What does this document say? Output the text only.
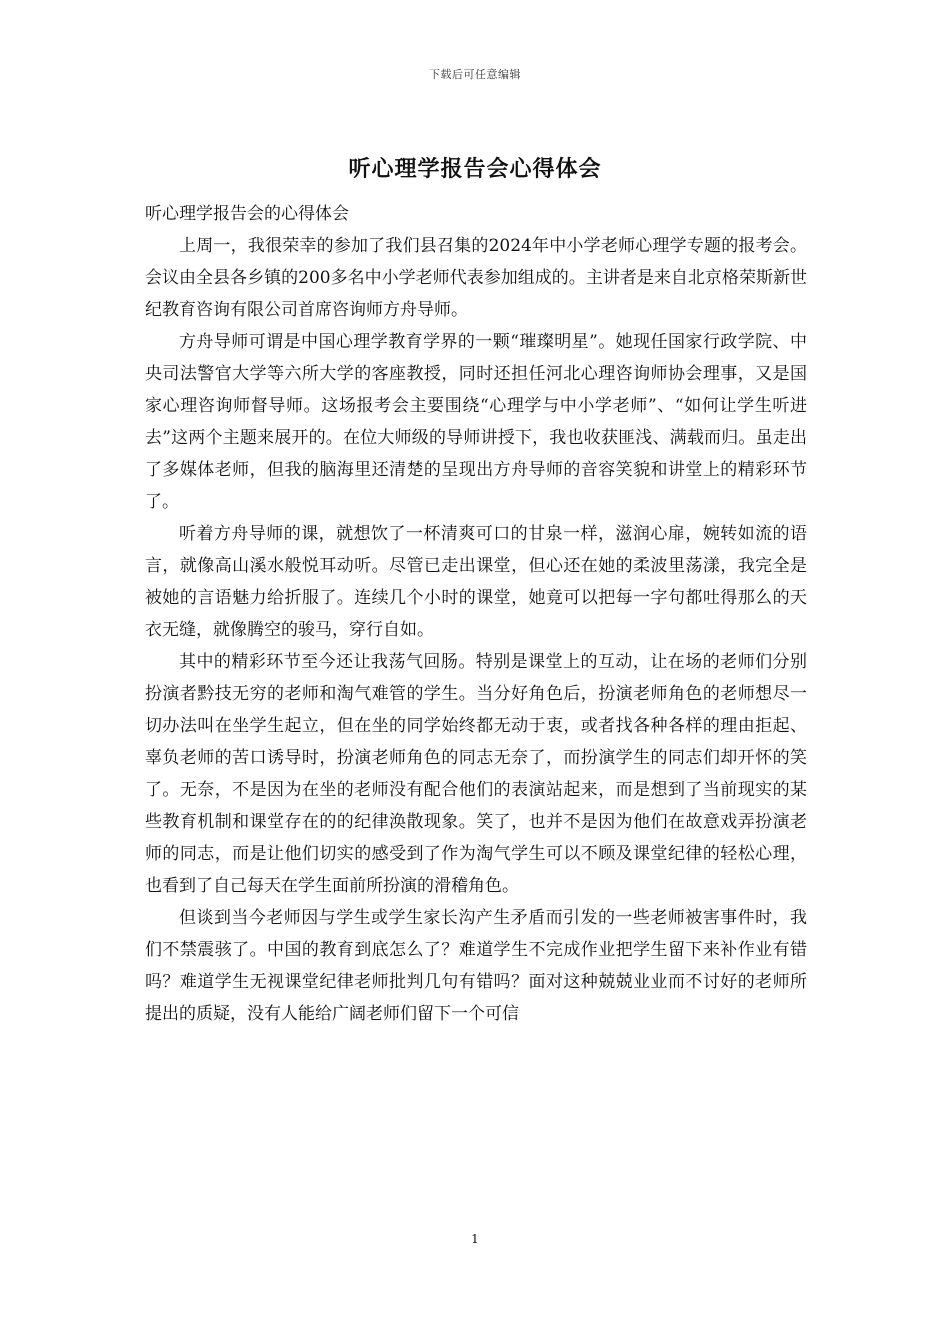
下载后可任意编辑
听心理学报告会心得体会
听心理学报告会的心得体会

上周一，我很荣幸的参加了我们县召集的2024年中小学老师心理学专题的报考会。会议由全县各乡镇的200多名中小学老师代表参加组成的。主讲者是来自北京格荣斯新世纪教育咨询有限公司首席咨询师方舟导师。

方舟导师可谓是中国心理学教育学界的一颗“璀璨明星”。她现任国家行政学院、中央司法警官大学等六所大学的客座教授，同时还担任河北心理咨询师协会理事，又是国家心理咨询师督导师。这场报考会主要围绕“心理学与中小学老师”、“如何让学生听进去”这两个主题来展开的。在位大师级的导师讲授下，我也收获匪浅、满载而归。虽走出了多媒体老师，但我的脑海里还清楚的呈现出方舟导师的音容笑貌和讲堂上的精彩环节了。

听着方舟导师的课，就想饮了一杯清爽可口的甘泉一样，滋润心扉，婉转如流的语言，就像高山溪水般悦耳动听。尽管已走出课堂，但心还在她的柔波里荡漾，我完全是被她的言语魅力给折服了。连续几个小时的课堂，她竟可以把每一字句都吐得那么的天衣无缝，就像腾空的骏马，穿行自如。

其中的精彩环节至今还让我荡气回肠。特别是课堂上的互动，让在场的老师们分别扮演者黔技无穷的老师和淘气难管的学生。当分好角色后，扮演老师角色的老师想尽一切办法叫在坐学生起立，但在坐的同学始终都无动于衷，或者找各种各样的理由拒起、辜负老师的苦口诱导时，扮演老师角色的同志无奈了，而扮演学生的同志们却开怀的笑了。无奈，不是因为在坐的老师没有配合他们的表演站起来，而是想到了当前现实的某些教育机制和课堂存在的的纪律涣散现象。笑了，也并不是因为他们在故意戏弄扮演老师的同志，而是让他们切实的感受到了作为淘气学生可以不顾及课堂纪律的轻松心理，也看到了自己每天在学生面前所扮演的滑稽角色。

但谈到当今老师因与学生或学生家长沟产生矛盾而引发的一些老师被害事件时，我们不禁震骇了。中国的教育到底怎么了？难道学生不完成作业把学生留下来补作业有错吗？难道学生无视课堂纪律老师批判几句有错吗？面对这种兢兢业业而不讨好的老师所提出的质疑，没有人能给广阔老师们留下一个可信

1
